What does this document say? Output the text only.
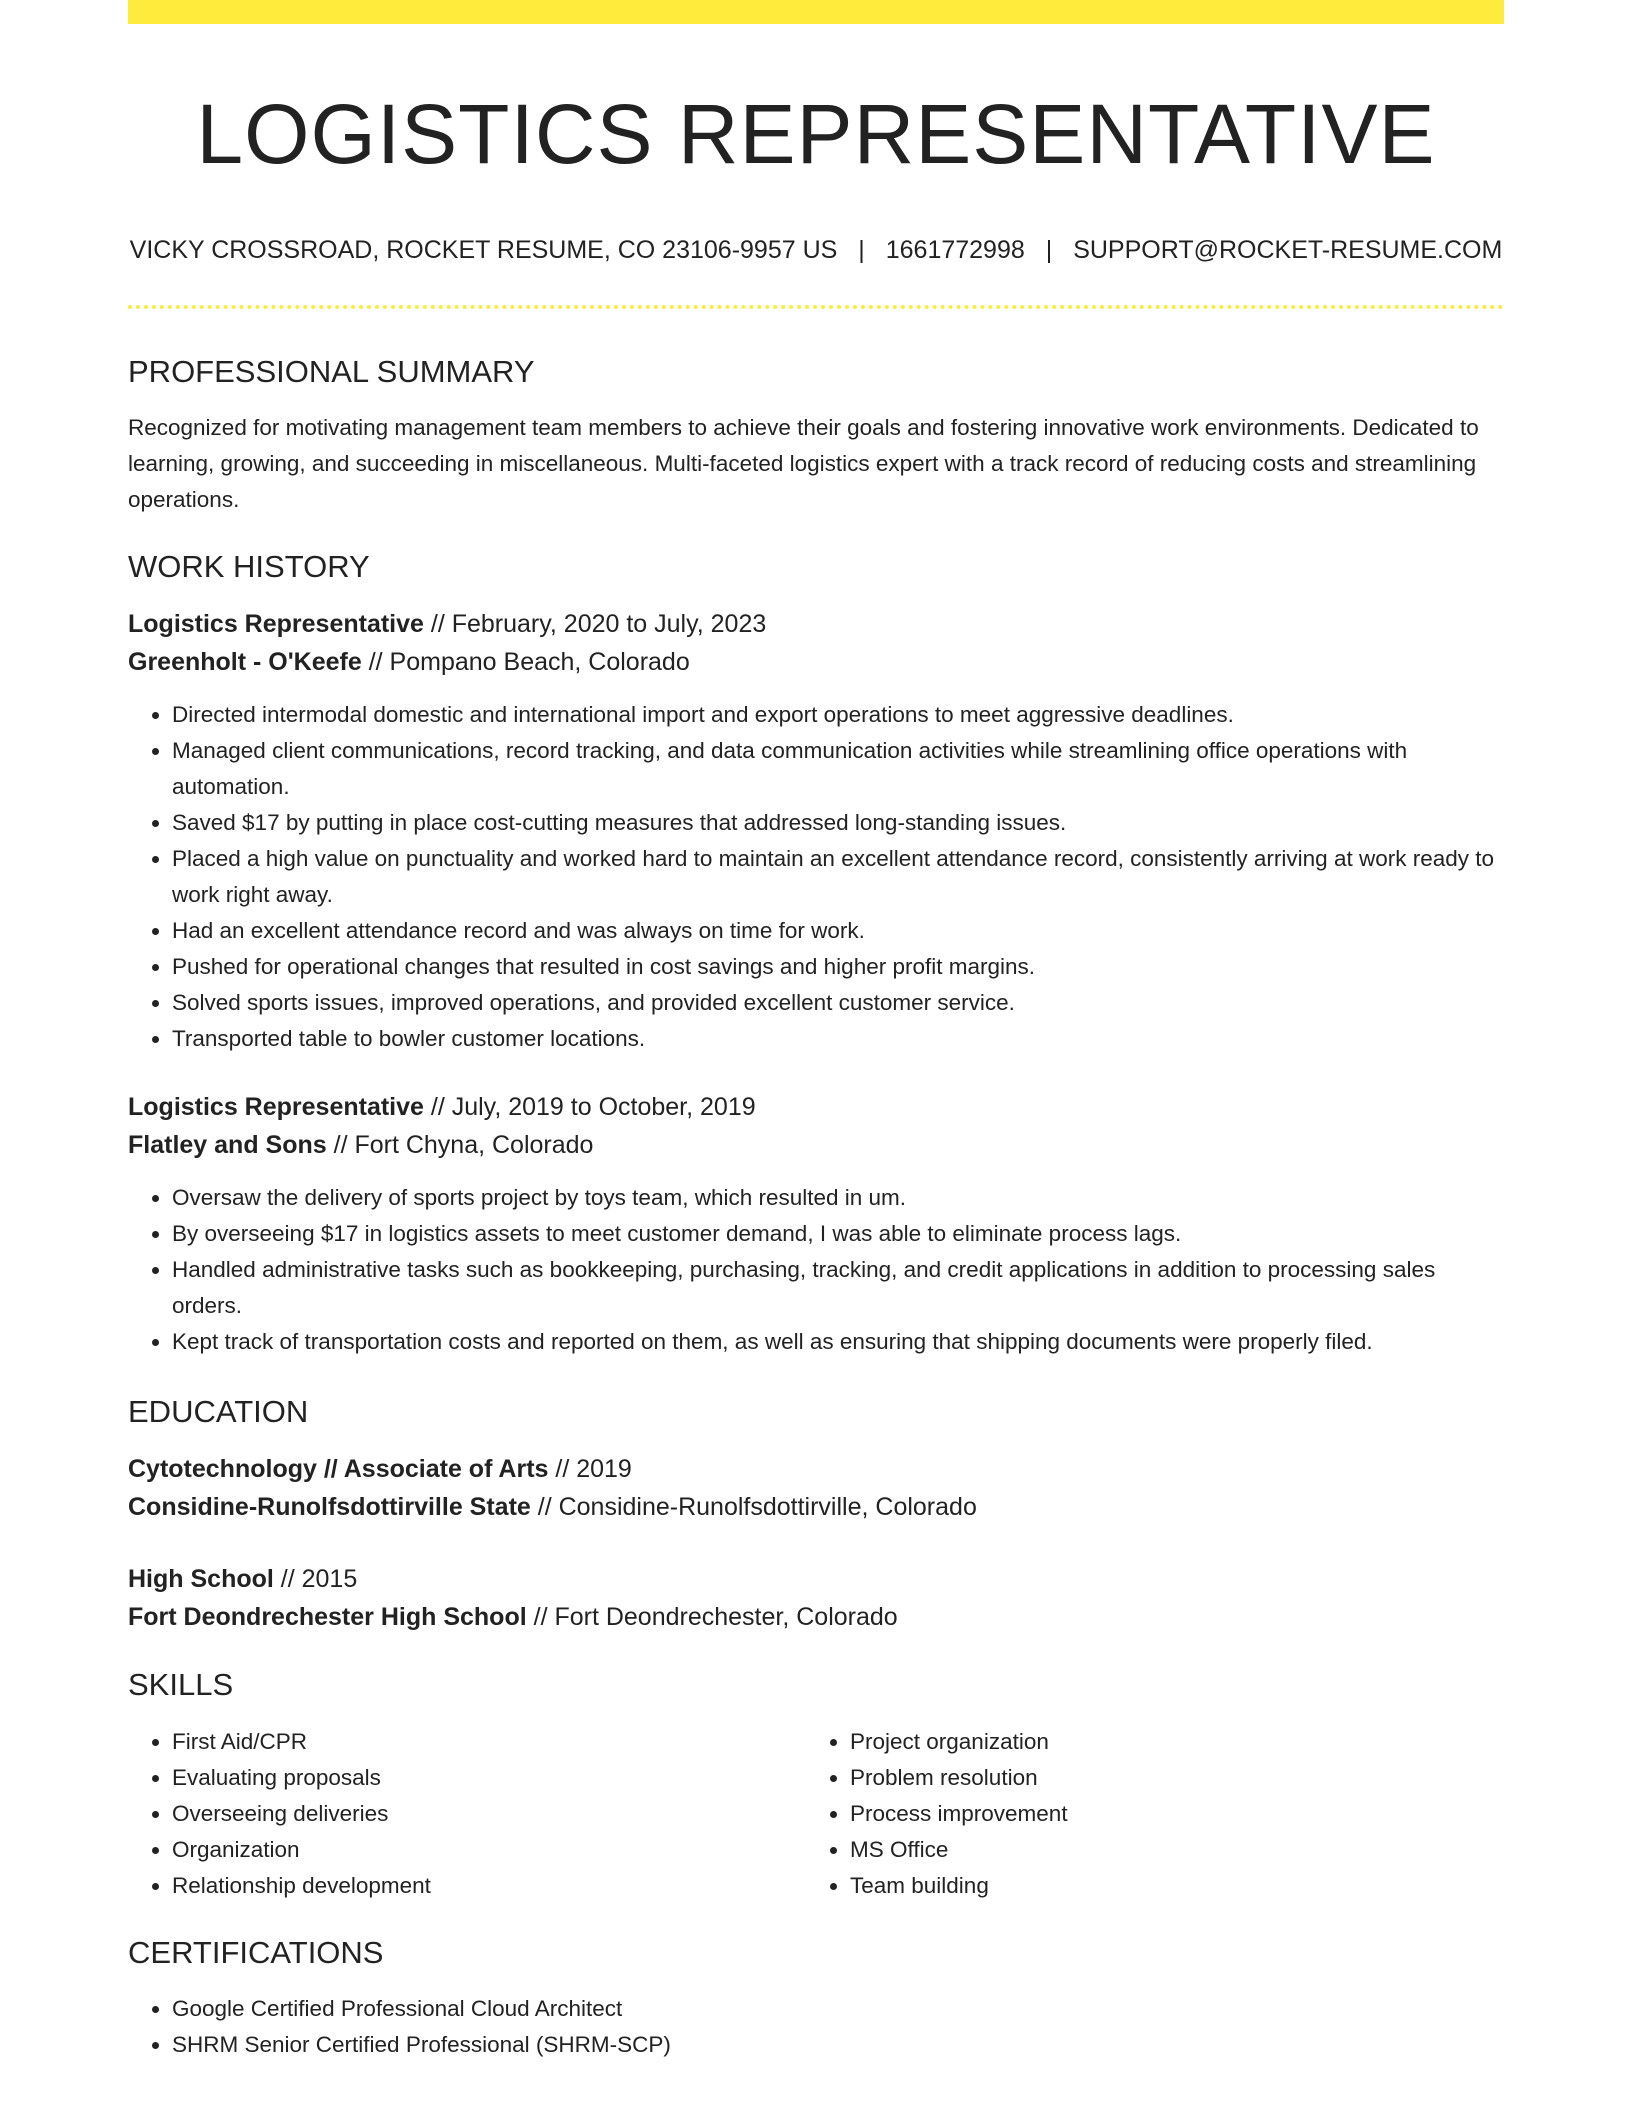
LOGISTICS REPRESENTATIVE
VICKY CROSSROAD, ROCKET RESUME, CO 23106-9957 US | 1661772998 | SUPPORT@ROCKET-RESUME.COM
PROFESSIONAL SUMMARY

Recognized for motivating management team members to achieve their goals and fostering innovative work environments. Dedicated to learning, growing, and succeeding in miscellaneous. Multi-faceted logistics expert with a track record of reducing costs and streamlining operations.

WORK HISTORY
Logistics Representative // February, 2020 to July, 2023
Greenholt - O'Keefe // Pompano Beach, Colorado
• Directed intermodal domestic and international import and export operations to meet aggressive deadlines.
• Managed client communications, record tracking, and data communication activities while streamlining office operations with automation.
• Saved $17 by putting in place cost-cutting measures that addressed long-standing issues.
• Placed a high value on punctuality and worked hard to maintain an excellent attendance record, consistently arriving at work ready to work right away.
• Had an excellent attendance record and was always on time for work.
• Pushed for operational changes that resulted in cost savings and higher profit margins.
• Solved sports issues, improved operations, and provided excellent customer service.
• Transported table to bowler customer locations.
Logistics Representative // July, 2019 to October, 2019
Flatley and Sons // Fort Chyna, Colorado
• Oversaw the delivery of sports project by toys team, which resulted in um.
• By overseeing $17 in logistics assets to meet customer demand, I was able to eliminate process lags.
• Handled administrative tasks such as bookkeeping, purchasing, tracking, and credit applications in addition to processing sales orders.
• Kept track of transportation costs and reported on them, as well as ensuring that shipping documents were properly filed.
EDUCATION
Cytotechnology // Associate of Arts // 2019
Considine-Runolfsdottirville State // Considine-Runolfsdottirville, Colorado
High School // 2015
Fort Deondrechester High School // Fort Deondrechester, Colorado
SKILLS
• First Aid/CPR
• Evaluating proposals
• Overseeing deliveries
• Organization
• Relationship development
• Project organization
• Problem resolution
• Process improvement
• MS Office
• Team building
CERTIFICATIONS
• Google Certified Professional Cloud Architect
• SHRM Senior Certified Professional (SHRM-SCP)
